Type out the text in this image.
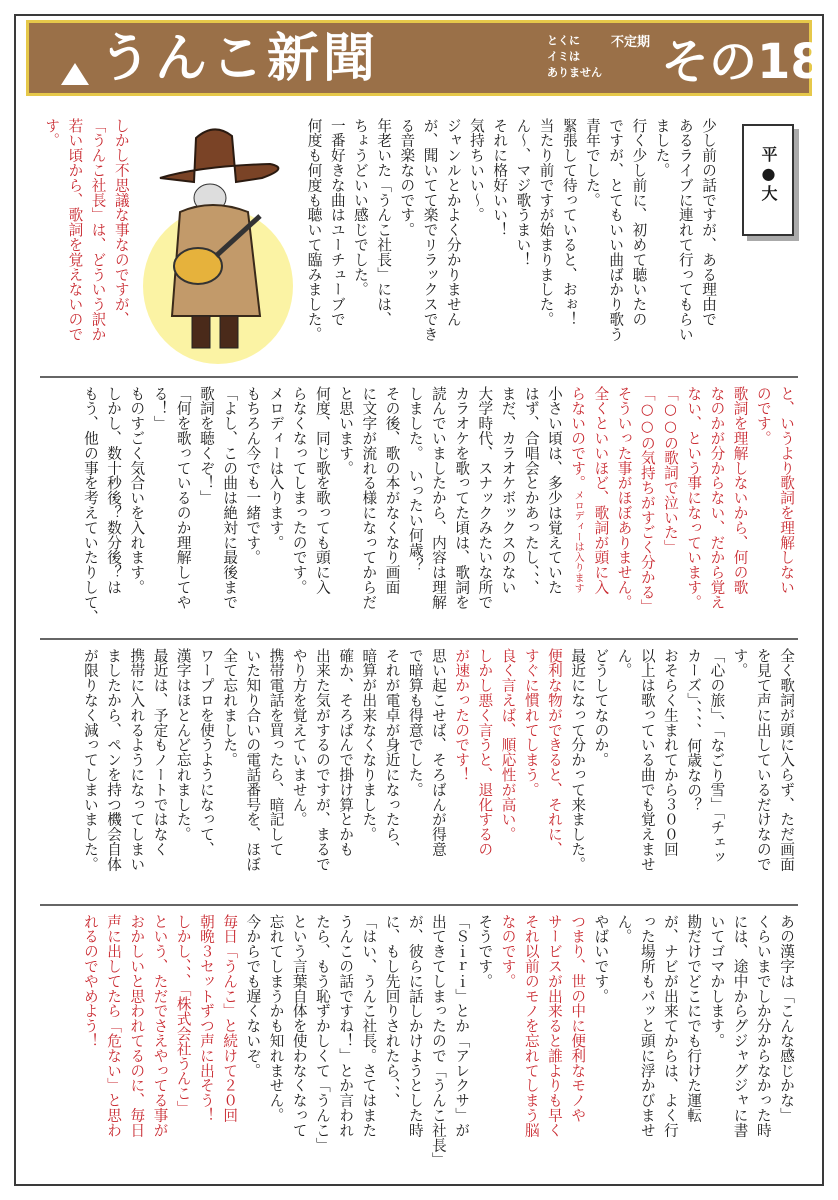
うんこ新聞	とくに
イミは
ありません
不定期 その18
平●大
少し前の話ですが、ある理由で
あるライブに連れて行ってもらい
ました。
行く少し前に、初めて聴いたの
ですが、とてもいい曲ばかり歌う
青年でした。
緊張して待っていると、おぉ！
当たり前ですが始まりました。
ん〜、マジ歌うまい！
それに格好いい！
気持ちいい〜。
ジャンルとかよく分かりません
が、聞いてて楽でリラックスでき
る音楽なのです。
年老いた「うんこ社長」には、
ちょうどいい感じでした。
一番好きな曲はユーチューブで
何度も何度も聴いて臨みました。
しかし不思議な事なのですが、
「うんこ社長」は、どういう訳か
若い頃から、歌詞を覚えないので
す。
と、いうより歌詞を理解しない
のです。
歌詞を理解しないから、何の歌
なのかが分からない、だから覚え
ない、という事になっています。
「○○の歌詞で泣いた」
「○○の気持ちがすごく分かる」
そういった事がほぼありません。
全くといいほど、歌詞が頭に入
らないのです。メロディーは入ります
小さい頃は、多少は覚えていた
はず、合唱会とかあったし、、、
まだ、カラオケボックスのない
大学時代、スナックみたいな所で
カラオケを歌ってた頃は、歌詞を
読んでいましたから、内容は理解
しました。　いったい何歳？
その後、歌の本がなくなり画面
に文字が流れる様になってからだ
と思います。
何度、同じ歌を歌っても頭に入
らなくなってしまったのです。
メロディーは入ります。
もちろん今でも一緒です。
「よし、この曲は絶対に最後まで
歌詞を聴くぞ！」
「何を歌っているのか理解してや
る！」
ものすごく気合いを入れます。
しかし、数十秒後？数分後？は
もう、他の事を考えていたりして、
全く歌詞が頭に入らず、ただ画面
を見て声に出しているだけなので
す。
「心の旅」、「なごり雪」「チェッ
カーズ」、、、、何歳なの？
おそらく生まれてから３００回
以上は歌っている曲でも覚えませ
ん。
どうしてなのか。
最近になって分かって来ました。
便利な物ができると、それに、
すぐに慣れてしまう。
良く言えば、順応性が高い。
しかし悪く言うと、退化するの
が速かったのです！
思い起こせば、そろばんが得意
で暗算も得意でした。
それが電卓が身近になったら、
暗算が出来なくなりました。
確か、そろばんで掛け算とかも
出来た気がするのですが、まるで
やり方を覚えていません。
携帯電話を買ったら、暗記して
いた知り合いの電話番号を、ほぼ
全て忘れました。
ワープロを使うようになって、
漢字はほとんど忘れました。
最近は、予定もノートではなく
携帯に入れるようになってしまい
ましたから、ペンを持つ機会自体
が限りなく減ってしまいました。
あの漢字は「こんな感じかな」
くらいまでしか分からなかった時
には、途中からグジャグジャに書
いてゴマかします。
勘だけでどこにでも行けた運転
が、ナビが出来てからは、よく行
った場所もパッと頭に浮かびませ
ん。
やばいです。
つまり、世の中に便利なモノや
サービスが出来ると誰よりも早く
それ以前のモノを忘れてしまう脳
なのです。
そうです。
「Ｓｉｒｉ」とか「アレクサ」が
出てきてしまったので「うんこ社長」
が、彼らに話しかけようとした時
に、もし先回りされたら、、、
「はい、うんこ社長。さてはまた
うんこの話ですね！」とか言われ
たら、もう恥ずかしくて「うんこ」
という言葉自体を使わなくなって
忘れてしまうかも知れません。
今からでも遅くないぞ。
毎日「うんこ」と続けて２０回
朝晩３セットずつ声に出そう！
しかし、、、「株式会社うんこ」
という、ただでさえやってる事が
おかしいと思われてるのに、毎日
声に出してたら「危ない」と思わ
れるのでやめよう！
